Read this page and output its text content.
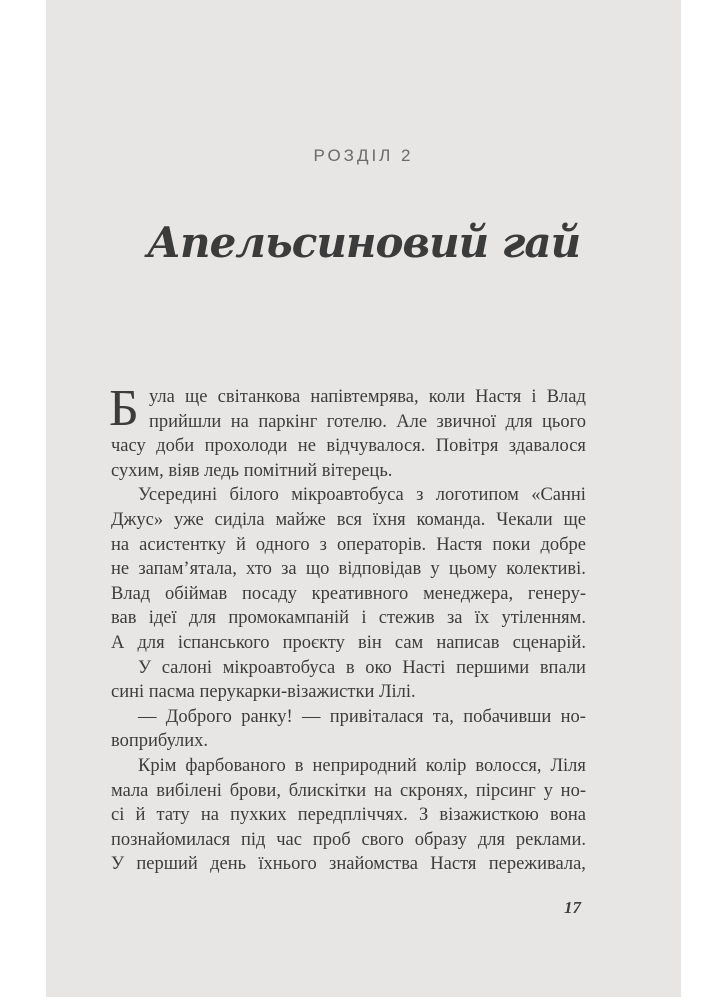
РОЗДІЛ 2
Апельсиновий гай
Б ула ще світанкова напівтемрява, коли Настя і Влад
прийшли на паркінг готелю. Але звичної для цього
часу доби прохолоди не відчувалося. Повітря здавалося
сухим, віяв ледь помітний вітерець.
Усередині білого мікроавтобуса з логотипом «Санні
Джус» уже сиділа майже вся їхня команда. Чекали ще
на асистентку й одного з операторів. Настя поки добре
не запам’ятала, хто за що відповідав у цьому колективі.
Влад обіймав посаду креативного менеджера, генеру-
вав ідеї для промокампаній і стежив за їх утіленням.
А для іспанського проєкту він сам написав сценарій.
У салоні мікроавтобуса в око Насті першими впали
сині пасма перукарки-візажистки Лілі.
— Доброго ранку! — привіталася та, побачивши но-
воприбулих.
Крім фарбованого в неприродний колір волосся, Ліля
мала вибілені брови, блискітки на скронях, пірсинг у но-
сі й тату на пухких передпліччях. З візажисткою вона
познайомилася під час проб свого образу для реклами.
У перший день їхнього знайомства Настя переживала,
17
